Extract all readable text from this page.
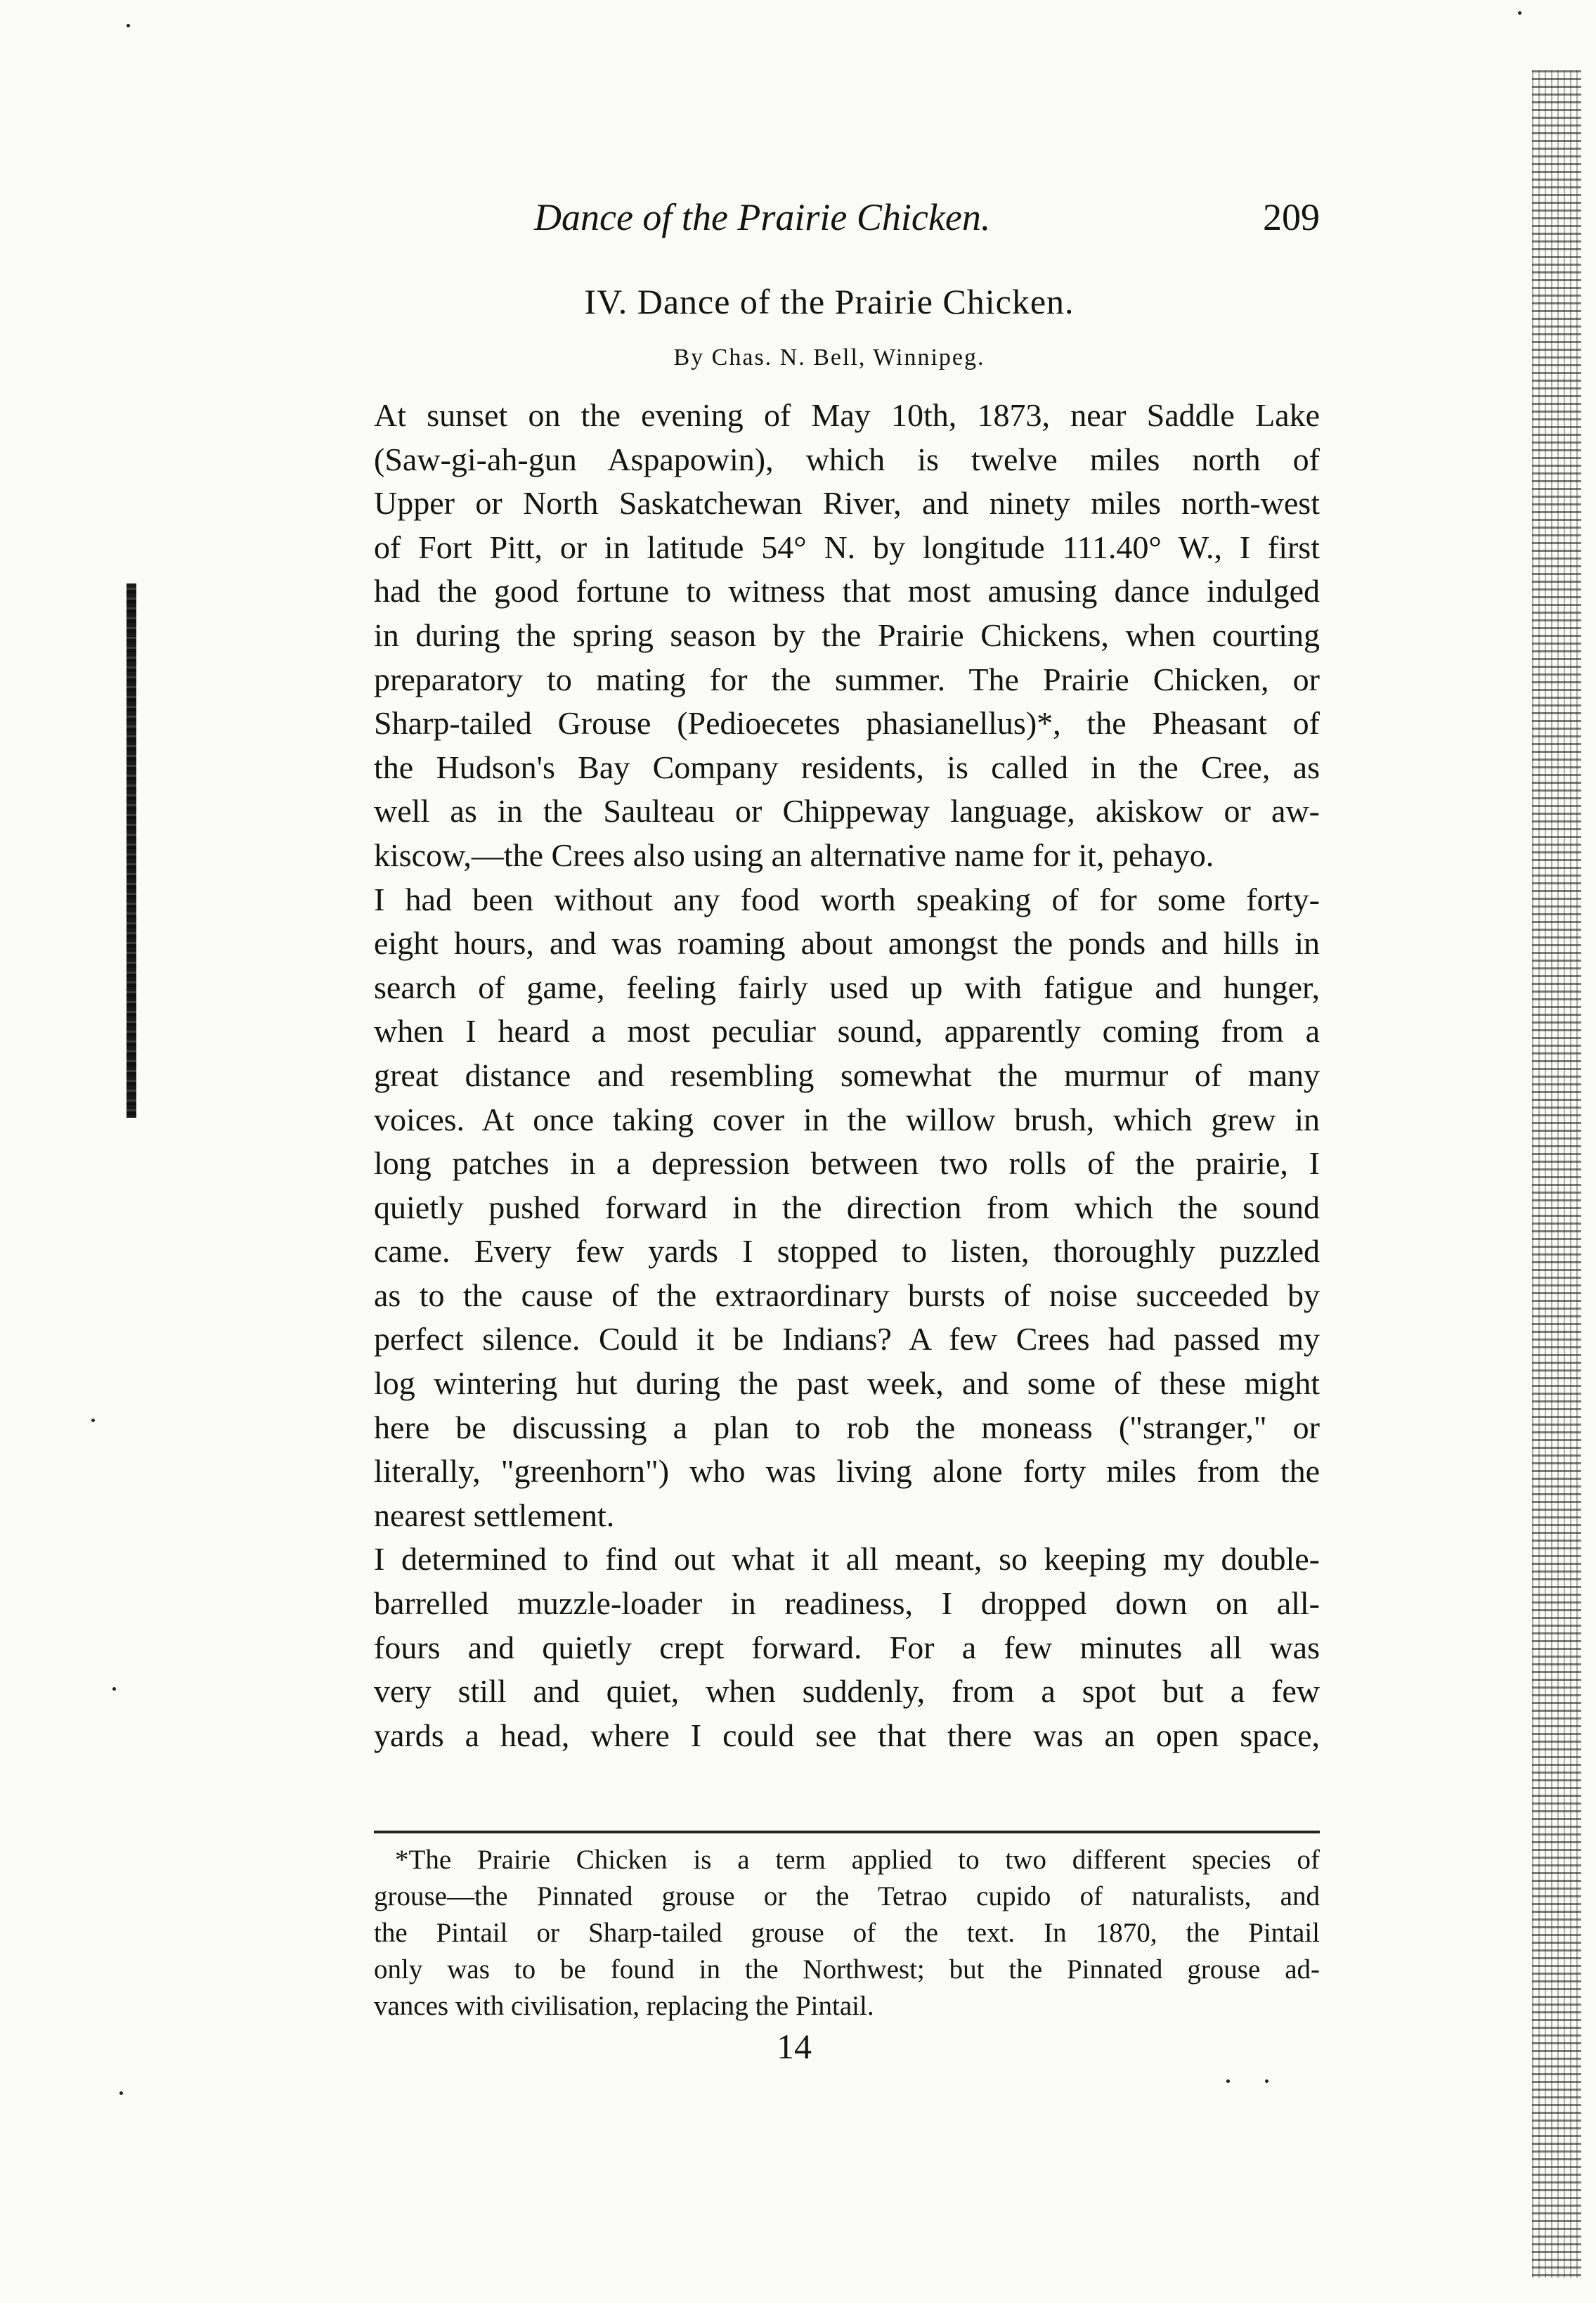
Dance of the Prairie Chicken.	209
IV. Dance of the Prairie Chicken.
By Chas. N. Bell, Winnipeg.
At sunset on the evening of May 10th, 1873, near Saddle Lake
(Saw-gi-ah-gun Aspapowin), which is twelve miles north of
Upper or North Saskatchewan River, and ninety miles north-west
of Fort Pitt, or in latitude 54° N. by longitude 111.40° W., I first
had the good fortune to witness that most amusing dance indulged
in during the spring season by the Prairie Chickens, when courting
preparatory to mating for the summer. The Prairie Chicken, or
Sharp-tailed Grouse (Pedioecetes phasianellus)*, the Pheasant of
the Hudson's Bay Company residents, is called in the Cree, as
well as in the Saulteau or Chippeway language, akiskow or aw-
kiscow,—the Crees also using an alternative name for it, pehayo.
I had been without any food worth speaking of for some forty-
eight hours, and was roaming about amongst the ponds and hills in
search of game, feeling fairly used up with fatigue and hunger,
when I heard a most peculiar sound, apparently coming from a
great distance and resembling somewhat the murmur of many
voices. At once taking cover in the willow brush, which grew in
long patches in a depression between two rolls of the prairie, I
quietly pushed forward in the direction from which the sound
came. Every few yards I stopped to listen, thoroughly puzzled
as to the cause of the extraordinary bursts of noise succeeded by
perfect silence. Could it be Indians? A few Crees had passed my
log wintering hut during the past week, and some of these might
here be discussing a plan to rob the moneass ("stranger," or
literally, "greenhorn") who was living alone forty miles from the
nearest settlement.
I determined to find out what it all meant, so keeping my double-
barrelled muzzle-loader in readiness, I dropped down on all-
fours and quietly crept forward. For a few minutes all was
very still and quiet, when suddenly, from a spot but a few
yards a head, where I could see that there was an open space,
*The Prairie Chicken is a term applied to two different species of
grouse—the Pinnated grouse or the Tetrao cupido of naturalists, and
the Pintail or Sharp-tailed grouse of the text. In 1870, the Pintail
only was to be found in the Northwest; but the Pinnated grouse ad-
vances with civilisation, replacing the Pintail.
14
